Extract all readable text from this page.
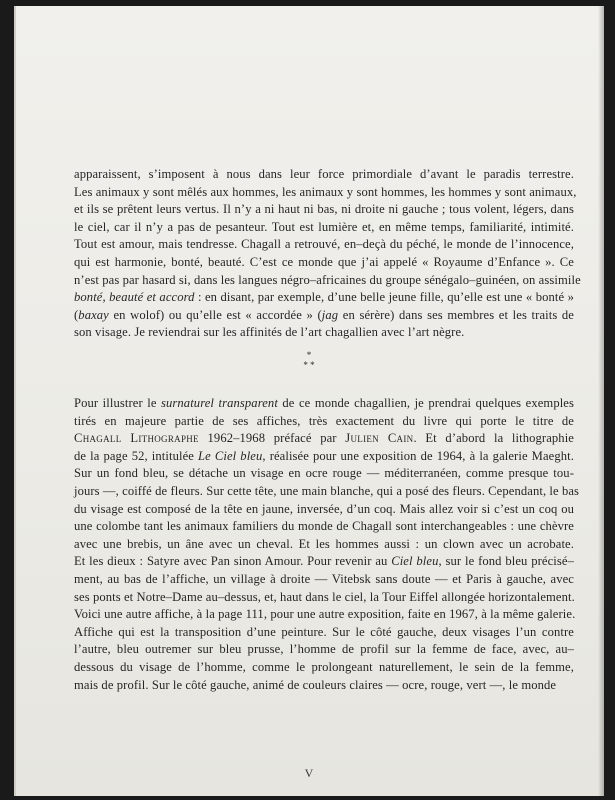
apparaissent, s’imposent à nous dans leur force primordiale d’avant le paradis terrestre.
Les animaux y sont mêlés aux hommes, les animaux y sont hommes, les hommes y sont animaux,
et ils se prêtent leurs vertus. Il n’y a ni haut ni bas, ni droite ni gauche ; tous volent, légers, dans
le ciel, car il n’y a pas de pesanteur. Tout est lumière et, en même temps, familiarité, intimité.
Tout est amour, mais tendresse. Chagall a retrouvé, en–deçà du péché, le monde de l’innocence,
qui est harmonie, bonté, beauté. C’est ce monde que j’ai appelé « Royaume d’Enfance ». Ce
n’est pas par hasard si, dans les langues négro–africaines du groupe sénégalo–guinéen, on assimile
bonté, beauté et accord : en disant, par exemple, d’une belle jeune fille, qu’elle est une « bonté »
(baxay en wolof) ou qu’elle est « accordée » (jag en sérère) dans ses membres et les traits de
son visage. Je reviendrai sur les affinités de l’art chagallien avec l’art nègre.
*
* *
Pour illustrer le surnaturel transparent de ce monde chagallien, je prendrai quelques exemples
tirés en majeure partie de ses affiches, très exactement du livre qui porte le titre de
Chagall Lithographe 1962–1968 préfacé par Julien Cain. Et d’abord la lithographie
de la page 52, intitulée Le Ciel bleu, réalisée pour une exposition de 1964, à la galerie Maeght.
Sur un fond bleu, se détache un visage en ocre rouge — méditerranéen, comme presque tou-
jours —, coiffé de fleurs. Sur cette tête, une main blanche, qui a posé des fleurs. Cependant, le bas
du visage est composé de la tête en jaune, inversée, d’un coq. Mais allez voir si c’est un coq ou
une colombe tant les animaux familiers du monde de Chagall sont interchangeables : une chèvre
avec une brebis, un âne avec un cheval. Et les hommes aussi : un clown avec un acrobate.
Et les dieux : Satyre avec Pan sinon Amour. Pour revenir au Ciel bleu, sur le fond bleu précisé–
ment, au bas de l’affiche, un village à droite — Vitebsk sans doute — et Paris à gauche, avec
ses ponts et Notre–Dame au–dessus, et, haut dans le ciel, la Tour Eiffel allongée horizontalement.
Voici une autre affiche, à la page 111, pour une autre exposition, faite en 1967, à la même galerie.
Affiche qui est la transposition d’une peinture. Sur le côté gauche, deux visages l’un contre
l’autre, bleu outremer sur bleu prusse, l’homme de profil sur la femme de face, avec, au–
dessous du visage de l’homme, comme le prolongeant naturellement, le sein de la femme,
mais de profil. Sur le côté gauche, animé de couleurs claires — ocre, rouge, vert —, le monde
V
